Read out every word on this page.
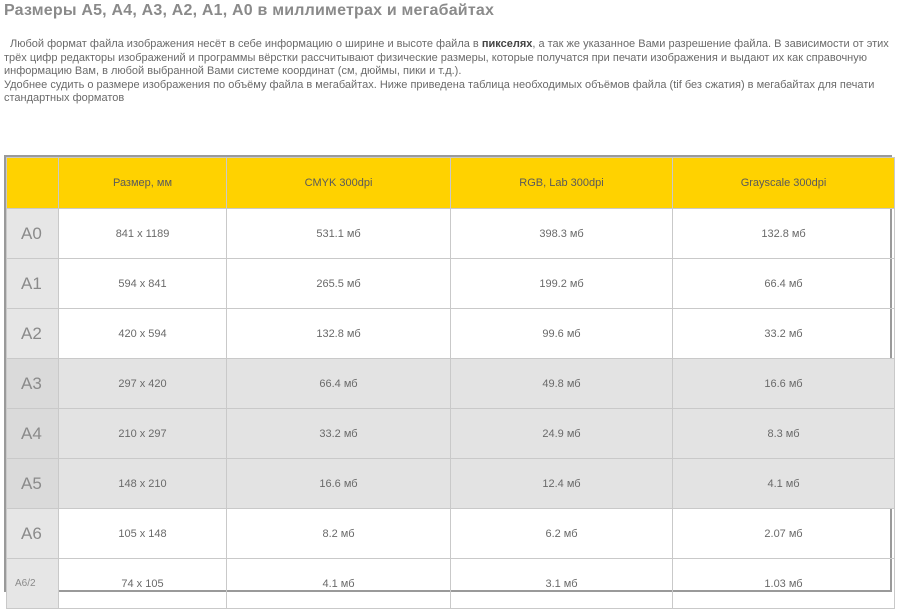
Размеры А5, А4, А3, А2, А1, А0 в миллиметрах и мегабайтах

Любой формат файла изображения несёт в себе информацию о ширине и высоте файла в пикселях, а так же указанное Вами разрешение файла. В зависимости от этих трёх цифр редакторы изображений и программы вёрстки рассчитывают физические размеры, которые получатся при печати изображения и выдают их как справочную информацию Вам, в любой выбранной Вами системе координат (см, дюймы, пики и т.д.).

Удобнее судить о размере изображения по объёму файла в мегабайтах. Ниже приведена таблица необходимых объёмов файла (tif без сжатия) в мегабайтах для печати стандартных форматов

	Размер, мм	CMYK 300dpi	RGB, Lab 300dpi	Grayscale 300dpi
А0	841 x 1189	531.1 мб	398.3 мб	132.8 мб
А1	594 x 841	265.5 мб	199.2 мб	66.4 мб
А2	420 x 594	132.8 мб	99.6 мб	33.2 мб
А3	297 x 420	66.4 мб	49.8 мб	16.6 мб
А4	210 x 297	33.2 мб	24.9 мб	8.3 мб
А5	148 x 210	16.6 мб	12.4 мб	4.1 мб
А6	105 x 148	8.2 мб	6.2 мб	2.07 мб
А6/2	74 x 105	4.1 мб	3.1 мб	1.03 мб
